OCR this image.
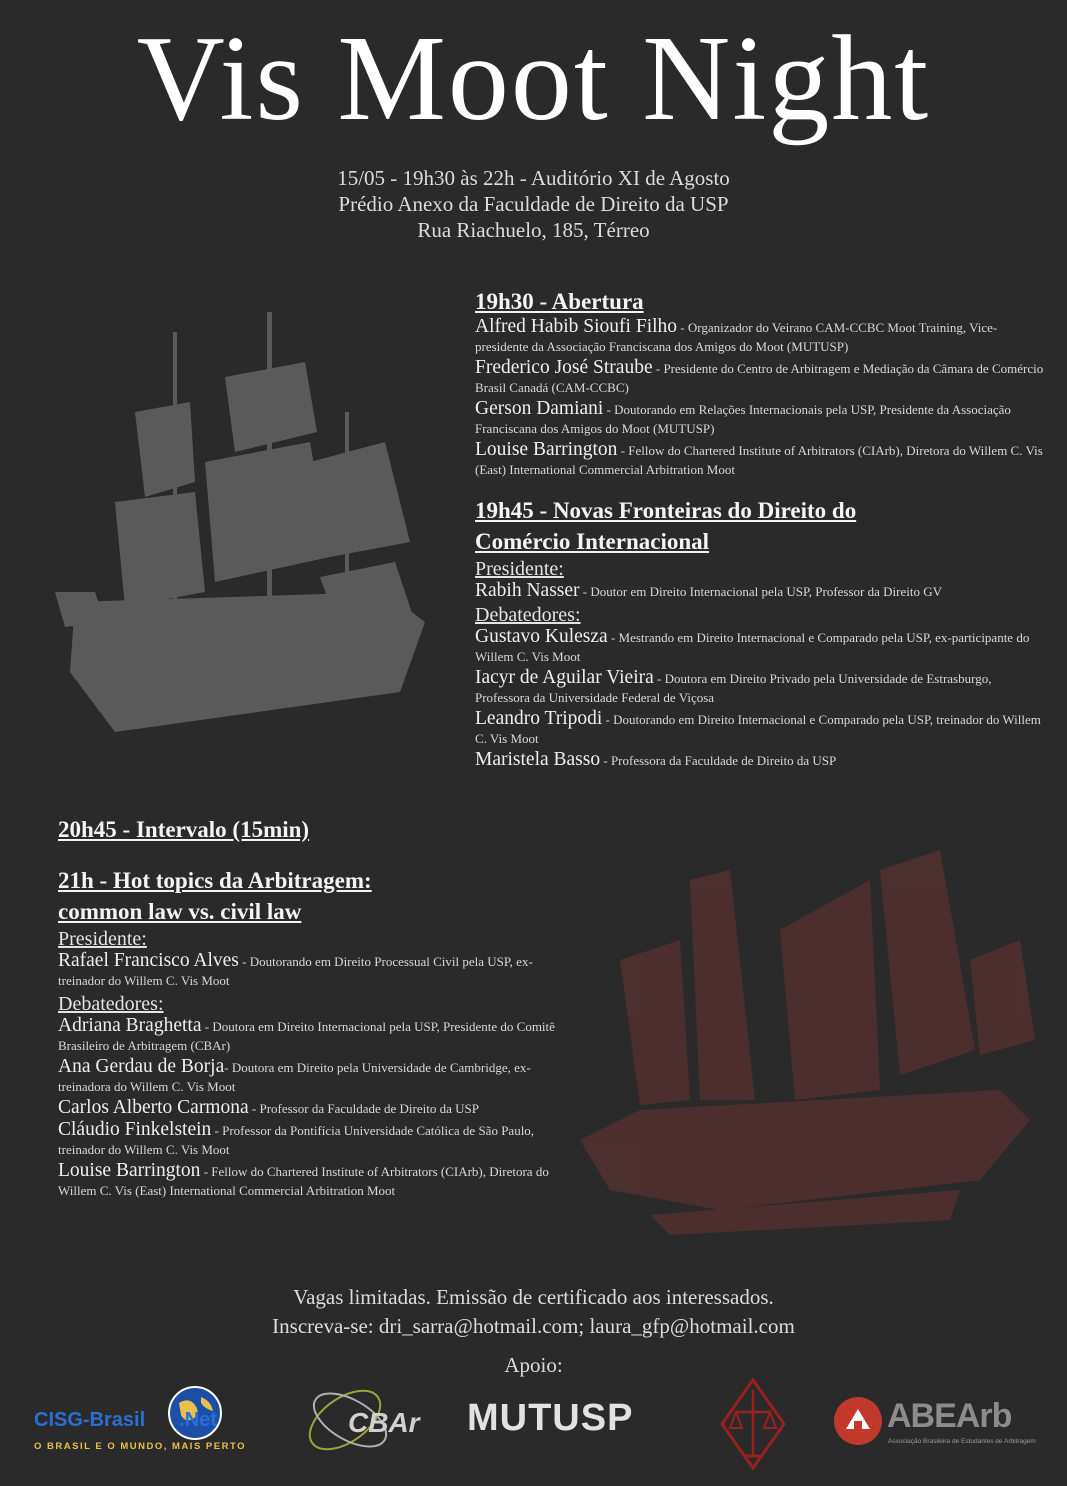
Vis Moot Night
15/05 - 19h30 às 22h - Auditório XI de Agosto
Prédio Anexo da Faculdade de Direito da USP
Rua Riachuelo, 185, Térreo
19h30 - Abertura
Alfred Habib Sioufi Filho - Organizador do Veirano CAM-CCBC Moot Training, Vice-presidente da Associação Franciscana dos Amigos do Moot (MUTUSP)
Frederico José Straube - Presidente do Centro de Arbitragem e Mediação da Câmara de Comércio Brasil Canadá (CAM-CCBC)
Gerson Damiani - Doutorando em Relações Internacionais pela USP, Presidente da Associação Franciscana dos Amigos do Moot (MUTUSP)
Louise Barrington - Fellow do Chartered Institute of Arbitrators (CIArb), Diretora do Willem C. Vis (East) International Commercial Arbitration Moot
19h45 - Novas Fronteiras do Direito do
Comércio Internacional
Presidente:
Rabih Nasser - Doutor em Direito Internacional pela USP, Professor da Direito GV
Debatedores:
Gustavo Kulesza - Mestrando em Direito Internacional e Comparado pela USP, ex-participante do Willem C. Vis Moot
Iacyr de Aguilar Vieira - Doutora em Direito Privado pela Universidade de Estrasburgo, Professora da Universidade Federal de Viçosa
Leandro Tripodi - Doutorando em Direito Internacional e Comparado pela USP, treinador do Willem C. Vis Moot
Maristela Basso - Professora da Faculdade de Direito da USP
20h45 - Intervalo (15min)
21h - Hot topics da Arbitragem:
common law vs. civil law
Presidente:
Rafael Francisco Alves - Doutorando em Direito Processual Civil pela USP, ex-treinador do Willem C. Vis Moot
Debatedores:
Adriana Braghetta - Doutora em Direito Internacional pela USP, Presidente do Comitê Brasileiro de Arbitragem (CBAr)
Ana Gerdau de Borja- Doutora em Direito pela Universidade de Cambridge, ex-treinadora do Willem C. Vis Moot
Carlos Alberto Carmona - Professor da Faculdade de Direito da USP
Cláudio Finkelstein - Professor da Pontifícia Universidade Católica de São Paulo, treinador do Willem C. Vis Moot
Louise Barrington - Fellow do Chartered Institute of Arbitrators (CIArb), Diretora do Willem C. Vis (East) International Commercial Arbitration Moot
Vagas limitadas. Emissão de certificado aos interessados.
Inscreva-se: dri_sarra@hotmail.com; laura_gfp@hotmail.com
Apoio:
CISG-Brasil .Net
O BRASIL E O MUNDO, MAIS PERTO
CBAr MUTUSP	ABEArb
Associação Brasileira de Estudantes de Arbitragem
